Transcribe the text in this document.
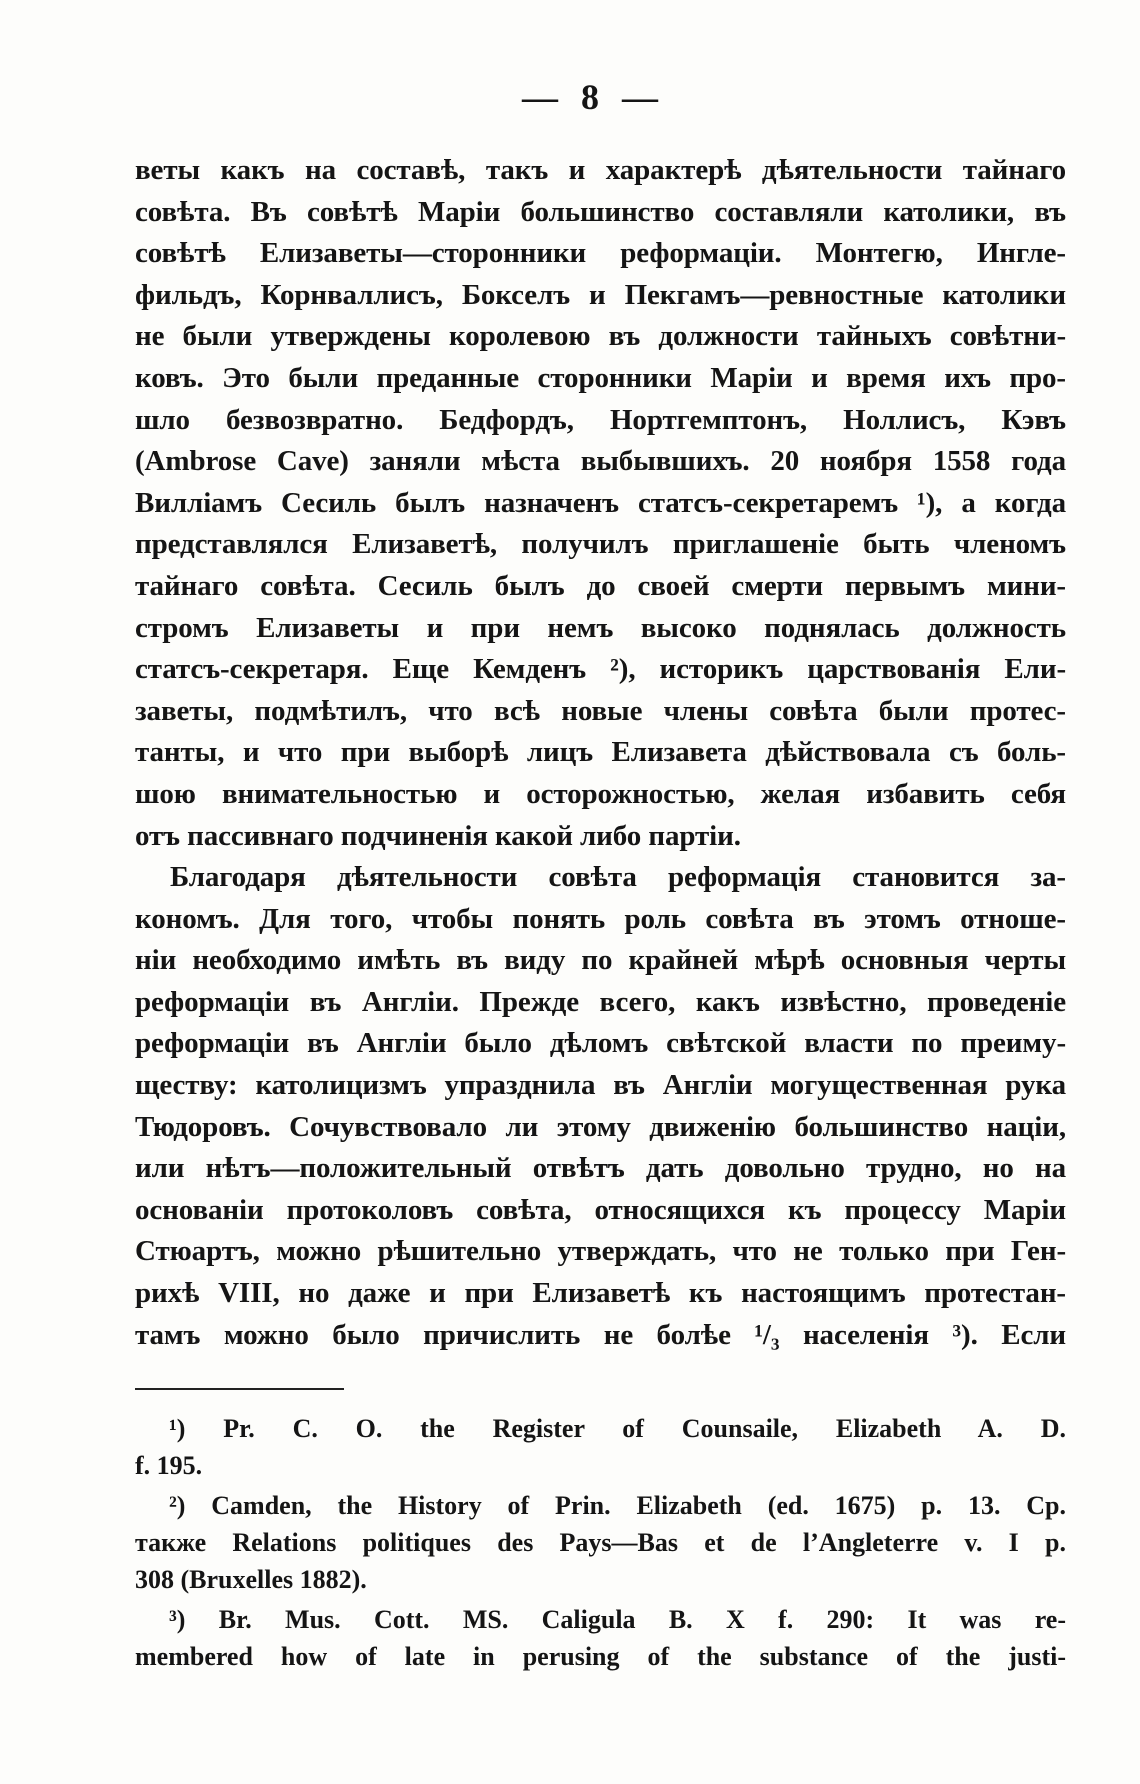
— 8 —
веты какъ на составѣ, такъ и характерѣ дѣятельности тайнаго
совѣта. Въ совѣтѣ Маріи большинство составляли католики, въ
совѣтѣ Елизаветы—сторонники реформаціи. Монтегю, Ингле-
фильдъ, Корнваллисъ, Бокселъ и Пекгамъ—ревностные католики
не были утверждены королевою въ должности тайныхъ совѣтни-
ковъ. Это были преданные сторонники Маріи и время ихъ про-
шло безвозвратно. Бедфордъ, Нортгемптонъ, Ноллисъ, Кэвъ
(Ambrose Cave) заняли мѣста выбывшихъ. 20 ноября 1558 года
Вилліамъ Сесиль былъ назначенъ статсъ-секретаремъ ¹), а когда
представлялся Елизаветѣ, получилъ приглашеніе быть членомъ
тайнаго совѣта. Сесиль былъ до своей смерти первымъ мини-
стромъ Елизаветы и при немъ высоко поднялась должность
статсъ-секретаря. Еще Кемденъ ²), историкъ царствованія Ели-
заветы, подмѣтилъ, что всѣ новые члены совѣта были протес-
танты, и что при выборѣ лицъ Елизавета дѣйствовала съ боль-
шою внимательностью и осторожностью, желая избавить себя
отъ пассивнаго подчиненія какой либо партіи.
Благодаря дѣятельности совѣта реформація становится за-
кономъ. Для того, чтобы понять роль совѣта въ этомъ отноше-
ніи необходимо имѣть въ виду по крайней мѣрѣ основныя черты
реформаціи въ Англіи. Прежде всего, какъ извѣстно, проведеніе
реформаціи въ Англіи было дѣломъ свѣтской власти по преиму-
ществу: католицизмъ упразднила въ Англіи могущественная рука
Тюдоровъ. Сочувствовало ли этому движенію большинство націи,
или нѣтъ—положительный отвѣтъ дать довольно трудно, но на
основаніи протоколовъ совѣта, относящихся къ процессу Маріи
Стюартъ, можно рѣшительно утверждать, что не только при Ген-
рихѣ VIII, но даже и при Елизаветѣ къ настоящимъ протестан-
тамъ можно было причислить не болѣе ¹/₃ населенія ³). Если
¹) Pr. C. O. the Register of Counsaile, Elizabeth A. D.
f. 195.
²) Camden, the History of Prin. Elizabeth (ed. 1675) p. 13. Ср.
также Relations politiques des Pays—Bas et de l’Angleterre v. I p.
308 (Bruxelles 1882).
³) Br. Mus. Cott. MS. Caligula B. X f. 290: It was re-
membered how of late in perusing of the substance of the justi-
